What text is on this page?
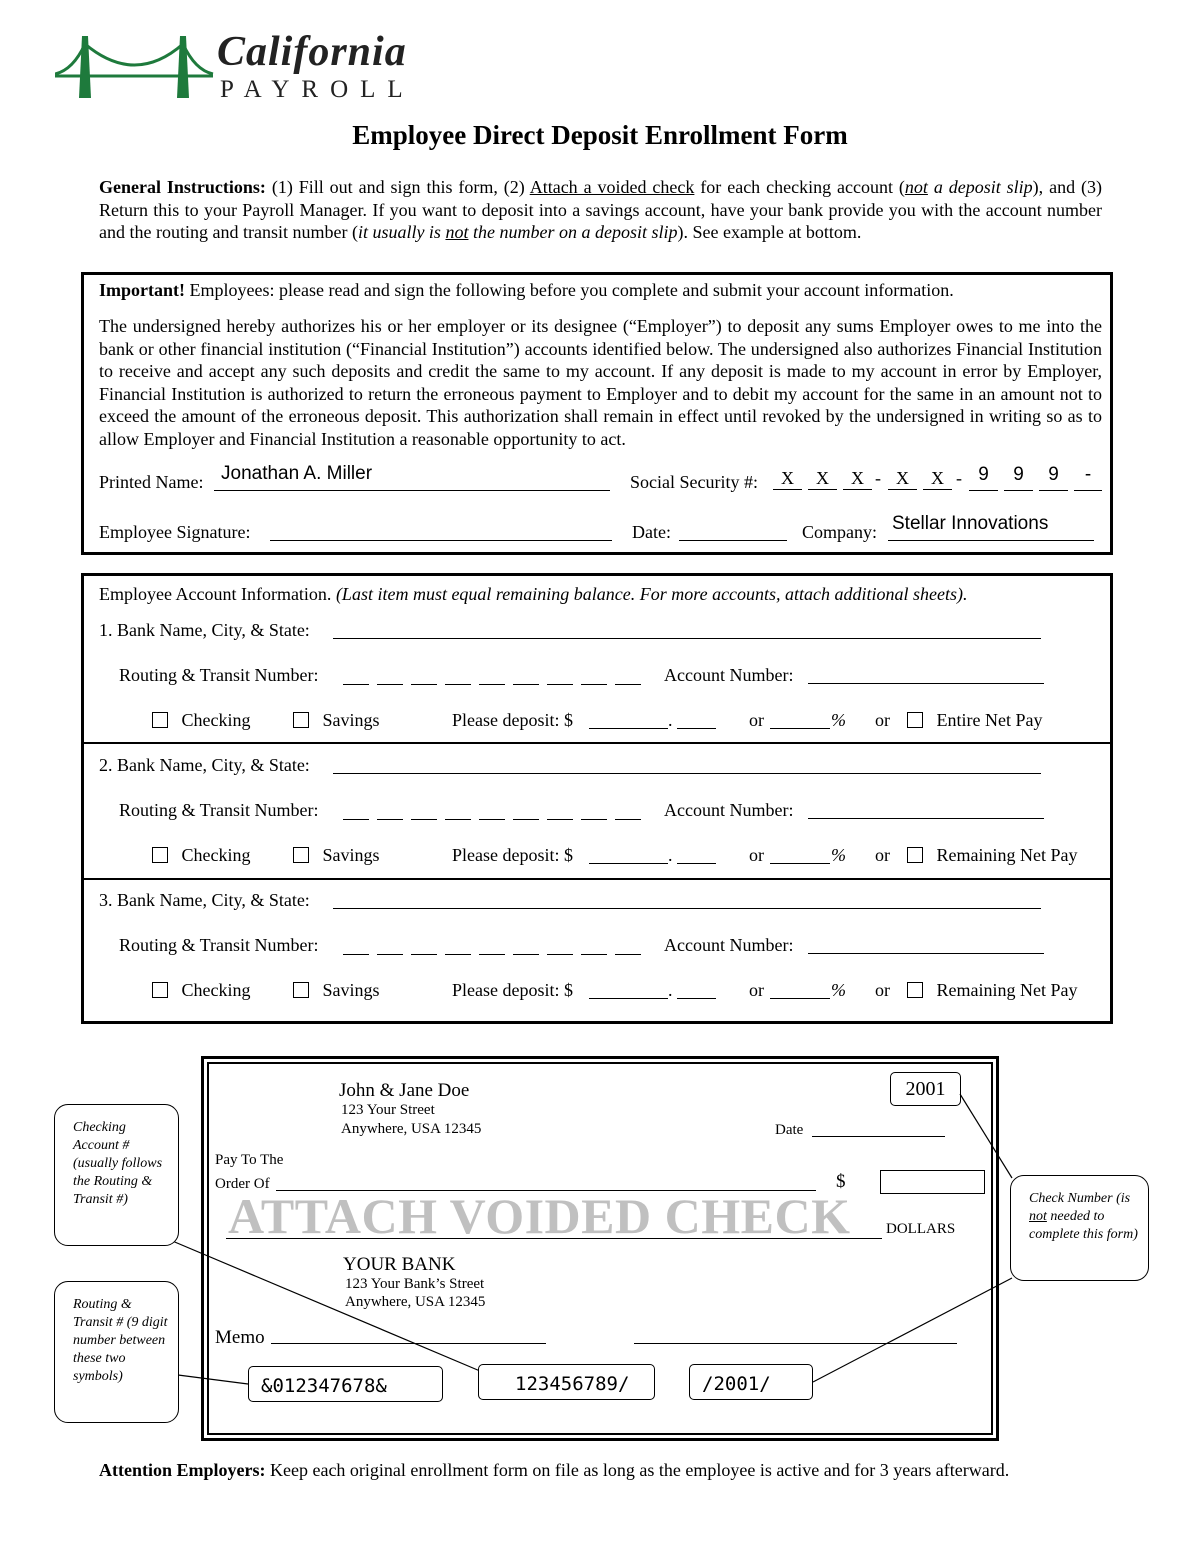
California
PAYROLL
Employee Direct Deposit Enrollment Form
General Instructions: (1) Fill out and sign this form, (2) Attach a voided check for each checking account (not a deposit slip), and (3) Return this to your Payroll Manager. If you want to deposit into a savings account, have your bank provide you with the account number and the routing and transit number (it usually is not the number on a deposit slip). See example at bottom.
Important! Employees: please read and sign the following before you complete and submit your account information.
The undersigned hereby authorizes his or her employer or its designee (“Employer”) to deposit any sums Employer owes to me into the bank or other financial institution (“Financial Institution”) accounts identified below. The undersigned also authorizes Financial Institution to receive and accept any such deposits and credit the same to my account. If any deposit is made to my account in error by Employer, Financial Institution is authorized to return the erroneous payment to Employer and to debit my account for the same in an amount not to exceed the amount of the erroneous deposit. This authorization shall remain in effect until revoked by the undersigned in writing so as to allow Employer and Financial Institution a reasonable opportunity to act.
Printed Name: Jonathan A. Miller	Social Security #:	X	X	X - X	X - 9	9	9	-
Employee Signature:	Date:	Company: Stellar Innovations
Employee Account Information. (Last item must equal remaining balance. For more accounts, attach additional sheets).
1. Bank Name, City, & State:
Routing & Transit Number:	Account Number:
Checking	Savings	Please deposit: $	.	or	% or	Entire Net Pay
2. Bank Name, City, & State:
Routing & Transit Number:	Account Number:
Checking	Savings	Please deposit: $	.	or	% or	Remaining Net Pay
3. Bank Name, City, & State:
Routing & Transit Number:	Account Number:
Checking	Savings	Please deposit: $	.	or	% or	Remaining Net Pay
John & Jane Doe
123 Your Street
Anywhere, USA 12345
2001
Date
Pay To The
Order Of	$
ATTACH VOIDED CHECK DOLLARS
YOUR BANK
123 Your Bank’s Street
Anywhere, USA 12345
Memo
&012347678&	123456789/	/2001/
Checking Account # (usually follows the Routing & Transit #)
Routing & Transit # (9 digit number between these two symbols)
Check Number (is not needed to complete this form)
Attention Employers: Keep each original enrollment form on file as long as the employee is active and for 3 years afterward.
